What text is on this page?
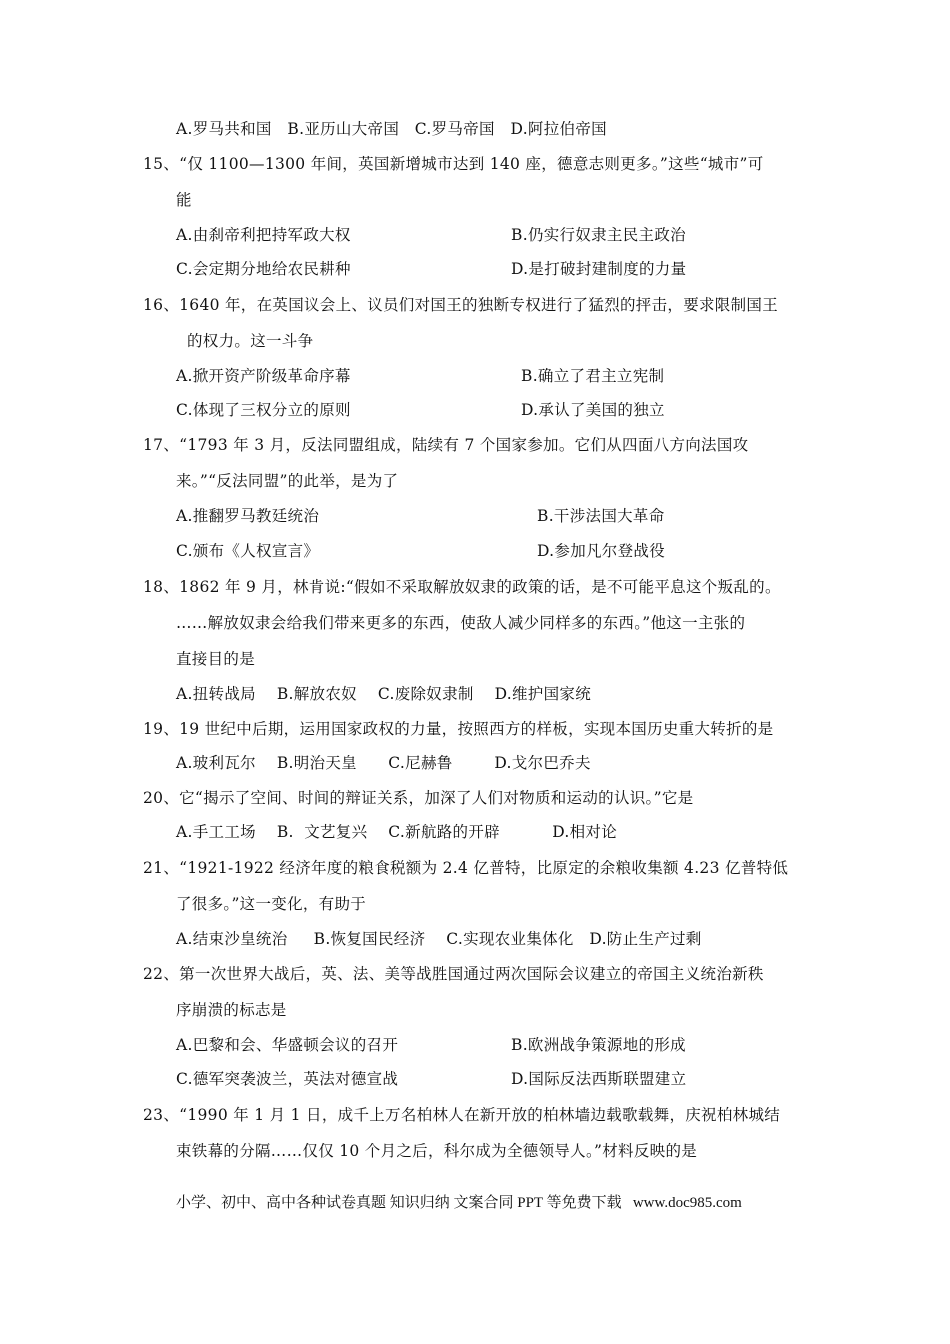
A.罗马共和国   B.亚历山大帝国   C.罗马帝国   D.阿拉伯帝国
15、“仅 1100—1300 年间，英国新增城市达到 140 座，德意志则更多。”这些“城市”可
能
A.由刹帝利把持军政大权	B.仍实行奴隶主民主政治
C.会定期分地给农民耕种	D.是打破封建制度的力量
16、1640 年，在英国议会上、议员们对国王的独断专权进行了猛烈的抨击，要求限制国王
的权力。这一斗争
A.掀开资产阶级革命序幕	B.确立了君主立宪制
C.体现了三权分立的原则	D.承认了美国的独立
17、“1793 年 3 月，反法同盟组成，陆续有 7 个国家参加。它们从四面八方向法国攻
来。”“反法同盟”的此举，是为了
A.推翻罗马教廷统治	B.干涉法国大革命
C.颁布《人权宣言》	D.参加凡尔登战役
18、1862 年 9 月，林肯说:“假如不采取解放奴隶的政策的话，是不可能平息这个叛乱的。
……解放奴隶会给我们带来更多的东西，使敌人减少同样多的东西。”他这一主张的
直接目的是
A.扭转战局    B.解放农奴    C.废除奴隶制    D.维护国家统
19、19 世纪中后期，运用国家政权的力量，按照西方的样板，实现本国历史重大转折的是
A.玻利瓦尔    B.明治天皇      C.尼赫鲁        D.戈尔巴乔夫
20、它“揭示了空间、时间的辩证关系，加深了人们对物质和运动的认识。”它是
A.手工工场    B.  文艺复兴    C.新航路的开辟          D.相对论
21、“1921-1922 经济年度的粮食税额为 2.4 亿普特，比原定的余粮收集额 4.23 亿普特低
了很多。”这一变化，有助于
A.结束沙皇统治     B.恢复国民经济    C.实现农业集体化   D.防止生产过剩
22、第一次世界大战后，英、法、美等战胜国通过两次国际会议建立的帝国主义统治新秩
序崩溃的标志是
A.巴黎和会、华盛顿会议的召开	B.欧洲战争策源地的形成
C.德军突袭波兰，英法对德宣战	D.国际反法西斯联盟建立
23、“1990 年 1 月 1 日，成千上万名柏林人在新开放的柏林墙边载歌载舞，庆祝柏林城结
束铁幕的分隔……仅仅 10 个月之后，科尔成为全德领导人。”材料反映的是
小学、初中、高中各种试卷真题 知识归纳 文案合同 PPT 等免费下载   www.doc985.com
